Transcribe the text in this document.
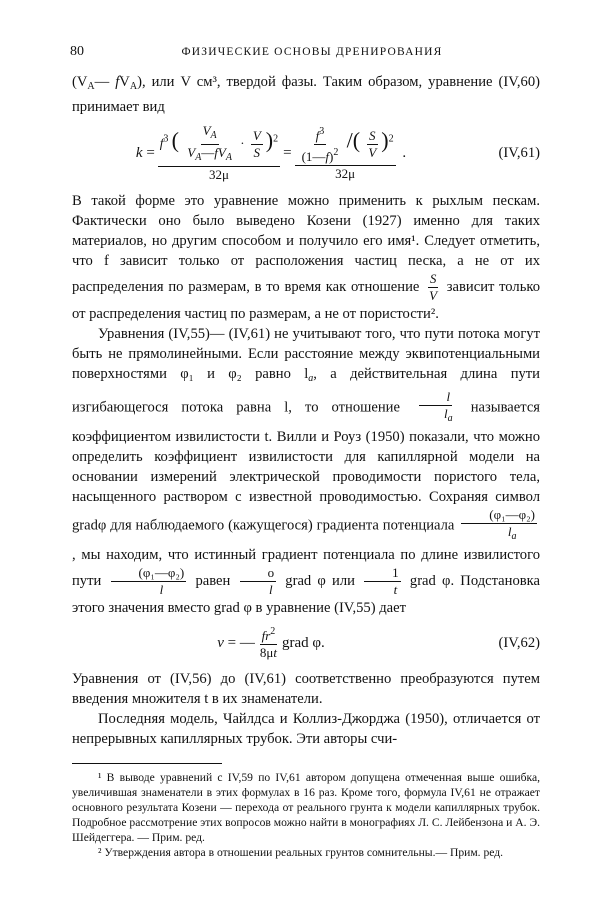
80	ФИЗИЧЕСКИЕ ОСНОВЫ ДРЕНИРОВАНИЯ

($V_A—$ $fV_A$), или V см³, твердой фазы. Таким образом, уравнение (IV,60) принимает вид

$k = \frac{f^3 ( \frac{V_A}{V_A—fV_A} \cdot \frac{V}{S} )^2}{32\mu} = \frac{\frac{f^3}{(1—f)^2} /( \frac{S}{V} )^2}{32\mu}$ .	(IV,61)

В такой форме это уравнение можно применить к рыхлым пескам. Фактически оно было выведено Козени (1927) именно для таких материалов, но другим способом и получило его имя¹. Следует отметить, что f зависит только от расположения частиц песка, а не от их распределения по размерам, в то время как отношение $\frac{S}{V}$ зависит только от распределения частиц по размерам, а не от пористости².

Уравнения (IV,55)— (IV,61) не учитывают того, что пути потока могут быть не прямолинейными. Если расстояние между эквипотенциальными поверхностями φ₁ и φ₂ равно $l_a$, а действительная длина пути изгибающегося потока равна l, то отношение $\frac{l}{l_a}$ называется коэффициентом извилистости t. Вилли и Роуз (1950) показали, что можно определить коэффициент извилистости для капиллярной модели на основании измерений электрической проводимости пористого тела, насыщенного раствором с известной проводимостью. Сохраняя символ gradφ для наблюдаемого (кажущегося) градиента потенциала $\frac{\text{(φ₁—φ₂)}}{l_a}$
, мы находим, что истинный градиент потенциала по длине извилистого пути $\frac{\text{(φ₁—φ₂)}}{l}$ равен $\frac{o}{l}$ grad φ или $\frac{1}{t}$ grad φ. Подстановка этого значения вместо grad φ в уравнение (IV,55) дает

v = — $\frac{fr^2}{8\mu t}$ grad φ.	(IV,62)

Уравнения от (IV,56) до (IV,61) соответственно преобразуются путем введения множителя t в их знаменатели.

Последняя модель, Чайлдса и Коллиз-Джорджа (1950), отличается от непрерывных капиллярных трубок. Эти авторы счи-

¹ В выводе уравнений с IV,59 по IV,61 автором допущена отмеченная выше ошибка, увеличившая знаменатели в этих формулах в 16 раз. Кроме того, формула IV,61 не отражает основного результата Козени — перехода от реального грунта к модели капиллярных трубок. Подробное рассмотрение этих вопросов можно найти в монографиях Л. С. Лейбензона и А. Э. Шейдеггера. — Прим. ред.

² Утверждения автора в отношении реальных грунтов сомнительны.— Прим. ред.
